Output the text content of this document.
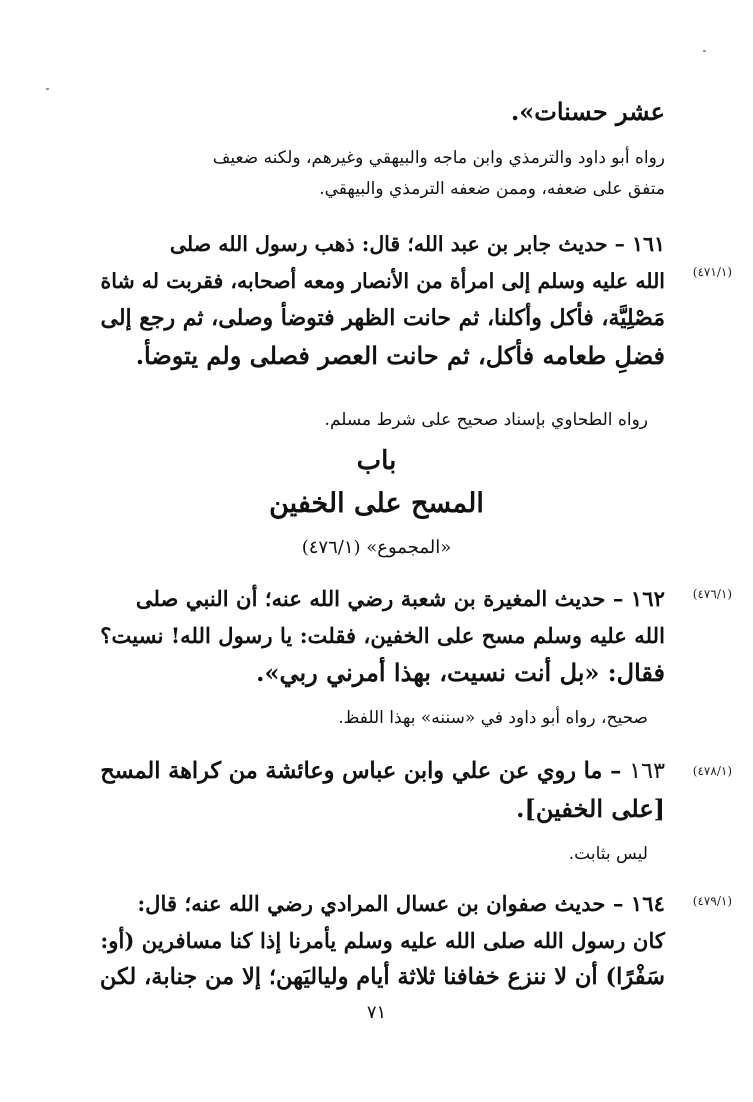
عشر حسنات».
رواه أبو داود والترمذي وابن ماجه والبيهقي وغيرهم، ولكنه ضعيف
متفق على ضعفه، وممن ضعفه الترمذي والبيهقي.
(٤٧١/١)
١٦١ – حديث جابر بن عبد الله؛ قال: ذهب رسول الله صلى
الله عليه وسلم إلى امرأة من الأنصار ومعه أصحابه، فقربت له شاة
مَصْلِيَّة، فأكل وأكلنا، ثم حانت الظهر فتوضأ وصلى، ثم رجع إلى
فضلِ طعامه فأكل، ثم حانت العصر فصلى ولم يتوضأ.
رواه الطحاوي بإسناد صحيح على شرط مسلم.
باب
المسح على الخفين
«المجموع» (٤٧٦/١)
(٤٧٦/١)
١٦٢ – حديث المغيرة بن شعبة رضي الله عنه؛ أن النبي صلى
الله عليه وسلم مسح على الخفين، فقلت: يا رسول الله! نسيت؟
فقال: «بل أنت نسيت، بهذا أمرني ربي».
صحيح، رواه أبو داود في «سننه» بهذا اللفظ.
(٤٧٨/١)
١٦٣ – ما روي عن علي وابن عباس وعائشة من كراهة المسح
[على الخفين].
ليس بثابت.
(٤٧٩/١)
١٦٤ – حديث صفوان بن عسال المرادي رضي الله عنه؛ قال:
كان رسول الله صلى الله عليه وسلم يأمرنا إذا كنا مسافرين (أو:
سَفْرًا) أن لا ننزع خفافنا ثلاثة أيام ولياليَهن؛ إلا من جنابة، لكن
٧١
